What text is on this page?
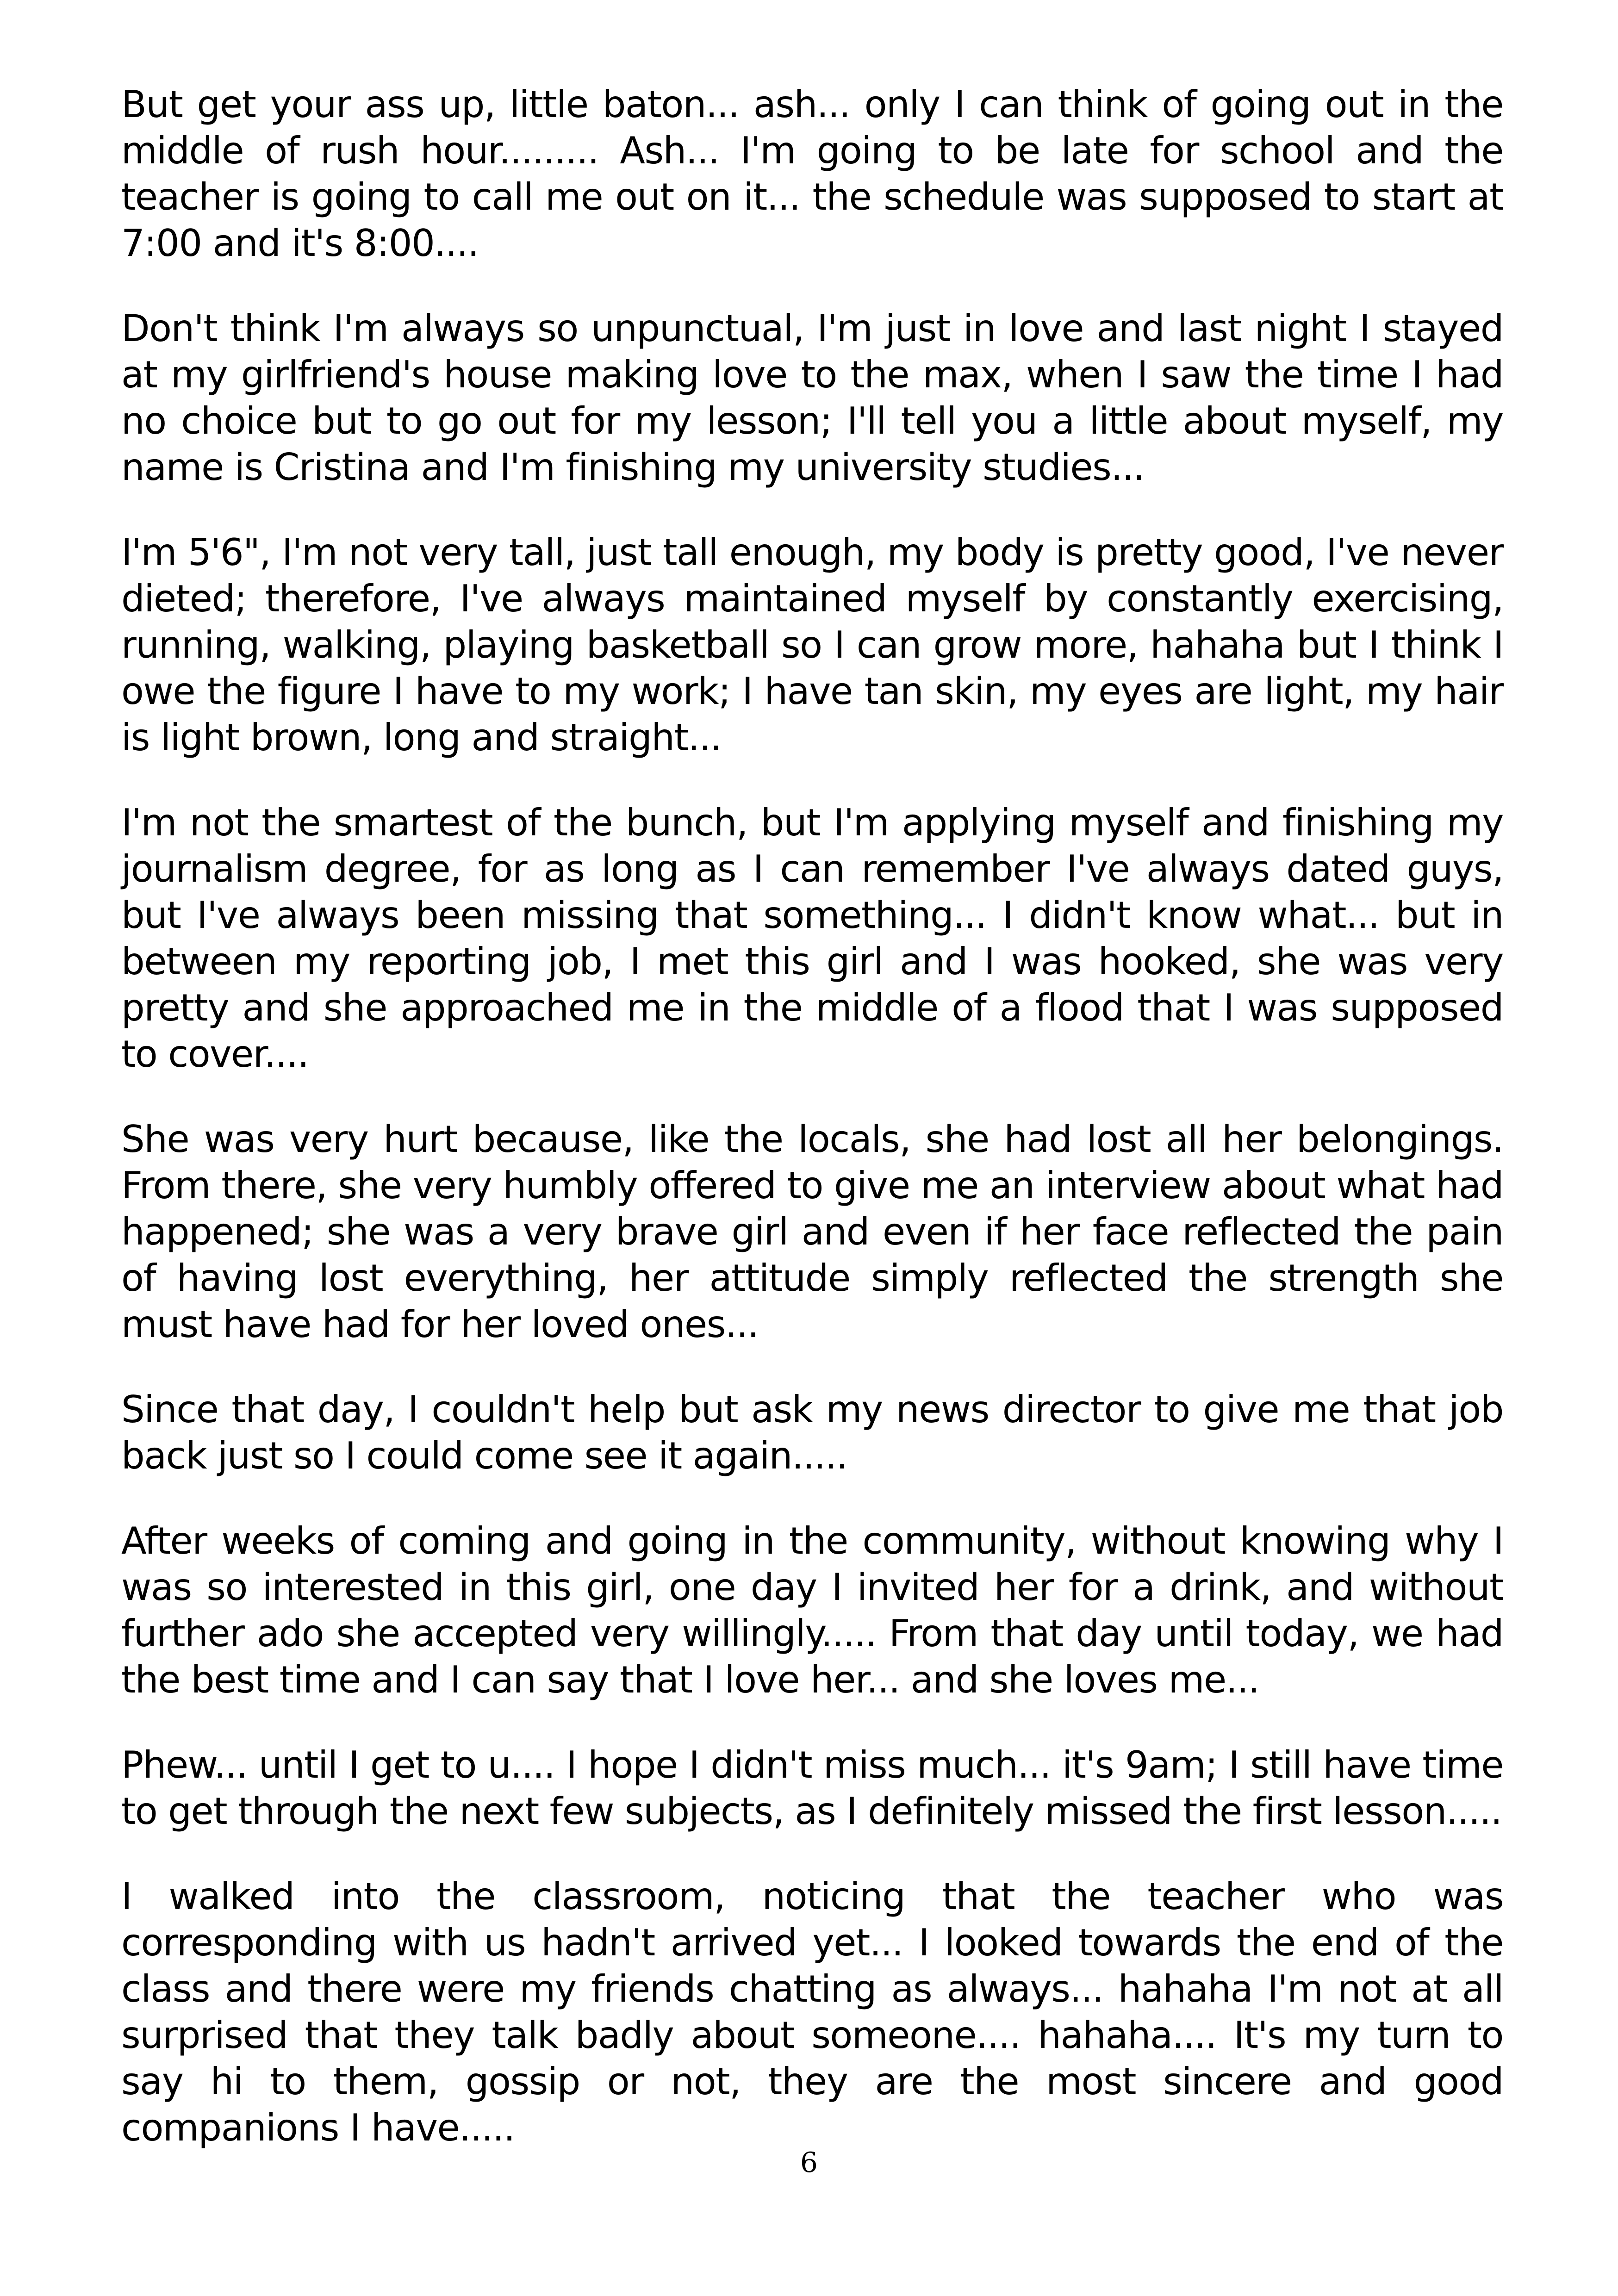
But get your ass up, little baton... ash... only I can think of going out in the middle of rush hour......... Ash... I'm going to be late for school and the teacher is going to call me out on it... the schedule was supposed to start at 7:00 and it's 8:00....

Don't think I'm always so unpunctual, I'm just in love and last night I stayed at my girlfriend's house making love to the max, when I saw the time I had no choice but to go out for my lesson; I'll tell you a little about myself, my name is Cristina and I'm finishing my university studies...

I'm 5'6", I'm not very tall, just tall enough, my body is pretty good, I've never dieted; therefore, I've always maintained myself by constantly exercising, running, walking, playing basketball so I can grow more, hahaha but I think I owe the figure I have to my work; I have tan skin, my eyes are light, my hair is light brown, long and straight...

I'm not the smartest of the bunch, but I'm applying myself and finishing my journalism degree, for as long as I can remember I've always dated guys, but I've always been missing that something... I didn't know what... but in between my reporting job, I met this girl and I was hooked, she was very pretty and she approached me in the middle of a flood that I was supposed to cover....

She was very hurt because, like the locals, she had lost all her belongings. From there, she very humbly offered to give me an interview about what had happened; she was a very brave girl and even if her face reflected the pain of having lost everything, her attitude simply reflected the strength she must have had for her loved ones...

Since that day, I couldn't help but ask my news director to give me that job back just so I could come see it again.....

After weeks of coming and going in the community, without knowing why I was so interested in this girl, one day I invited her for a drink, and without further ado she accepted very willingly..... From that day until today, we had the best time and I can say that I love her... and she loves me...

Phew... until I get to u.... I hope I didn't miss much... it's 9am; I still have time to get through the next few subjects, as I definitely missed the first lesson.....

I walked into the classroom, noticing that the teacher who was corresponding with us hadn't arrived yet... I looked towards the end of the class and there were my friends chatting as always... hahaha I'm not at all surprised that they talk badly about someone.... hahaha.... It's my turn to say hi to them, gossip or not, they are the most sincere and good companions I have.....

6
